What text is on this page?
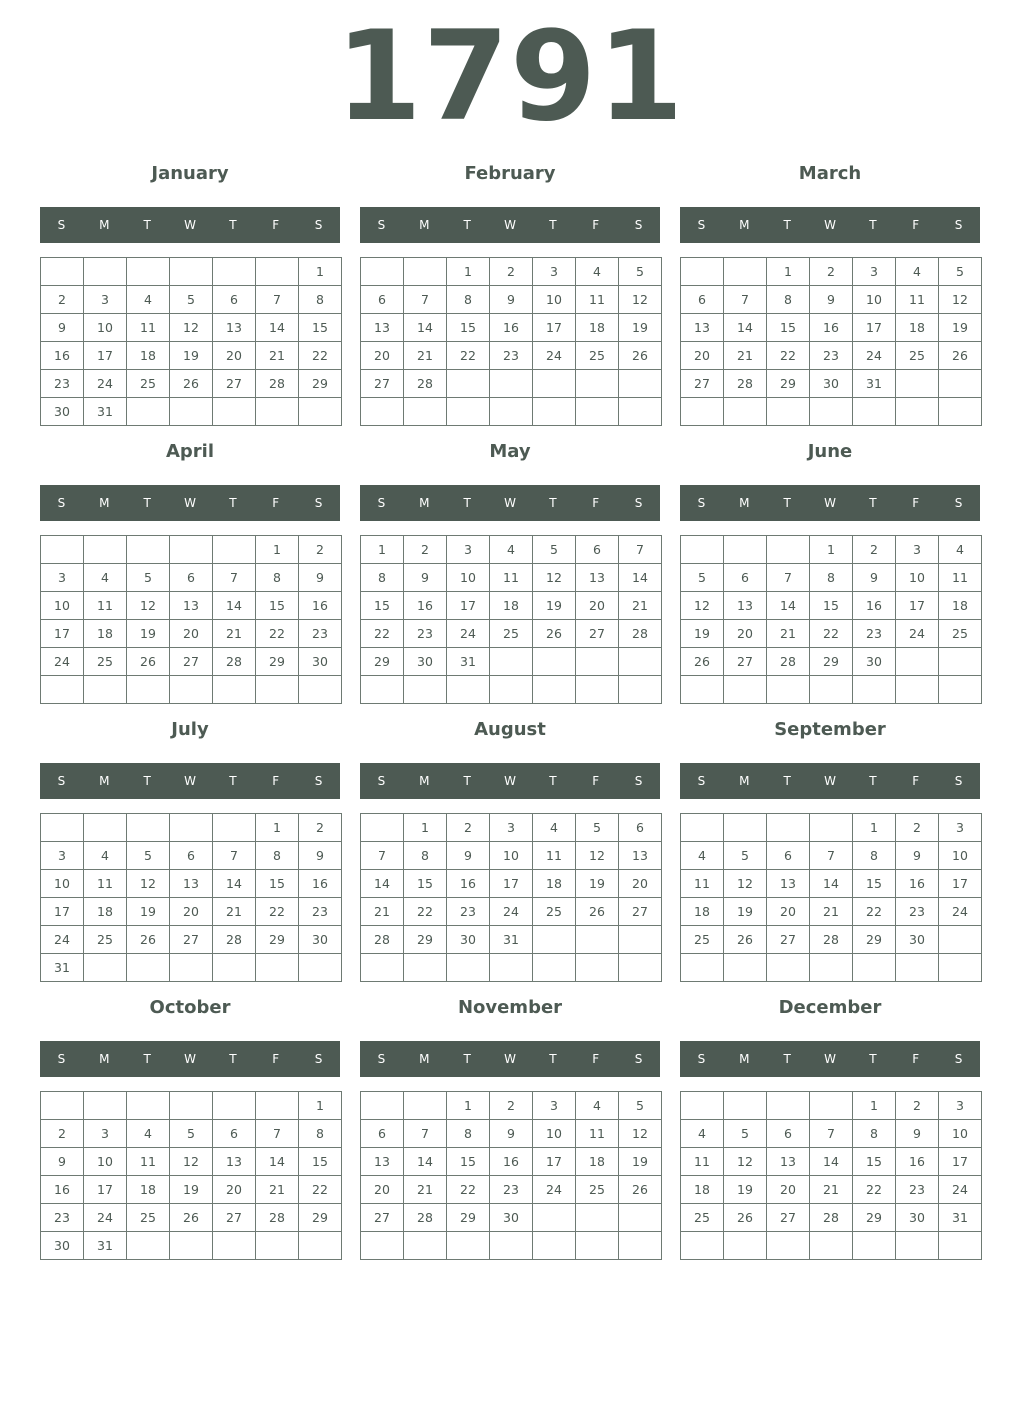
1791
January
S	M	T	W	T	F	S
						1
2	3	4	5	6	7	8
9	10	11	12	13	14	15
16	17	18	19	20	21	22
23	24	25	26	27	28	29
30	31					
February
S	M	T	W	T	F	S
		1	2	3	4	5
6	7	8	9	10	11	12
13	14	15	16	17	18	19
20	21	22	23	24	25	26
27	28					

March
S	M	T	W	T	F	S
		1	2	3	4	5
6	7	8	9	10	11	12
13	14	15	16	17	18	19
20	21	22	23	24	25	26
27	28	29	30	31		

April
S	M	T	W	T	F	S
					1	2
3	4	5	6	7	8	9
10	11	12	13	14	15	16
17	18	19	20	21	22	23
24	25	26	27	28	29	30

May
S	M	T	W	T	F	S
1	2	3	4	5	6	7
8	9	10	11	12	13	14
15	16	17	18	19	20	21
22	23	24	25	26	27	28
29	30	31				

June
S	M	T	W	T	F	S
			1	2	3	4
5	6	7	8	9	10	11
12	13	14	15	16	17	18
19	20	21	22	23	24	25
26	27	28	29	30		

July
S	M	T	W	T	F	S
					1	2
3	4	5	6	7	8	9
10	11	12	13	14	15	16
17	18	19	20	21	22	23
24	25	26	27	28	29	30
31						
August
S	M	T	W	T	F	S
	1	2	3	4	5	6
7	8	9	10	11	12	13
14	15	16	17	18	19	20
21	22	23	24	25	26	27
28	29	30	31			

September
S	M	T	W	T	F	S
				1	2	3
4	5	6	7	8	9	10
11	12	13	14	15	16	17
18	19	20	21	22	23	24
25	26	27	28	29	30	

October
S	M	T	W	T	F	S
						1
2	3	4	5	6	7	8
9	10	11	12	13	14	15
16	17	18	19	20	21	22
23	24	25	26	27	28	29
30	31					
November
S	M	T	W	T	F	S
		1	2	3	4	5
6	7	8	9	10	11	12
13	14	15	16	17	18	19
20	21	22	23	24	25	26
27	28	29	30			

December
S	M	T	W	T	F	S
				1	2	3
4	5	6	7	8	9	10
11	12	13	14	15	16	17
18	19	20	21	22	23	24
25	26	27	28	29	30	31
